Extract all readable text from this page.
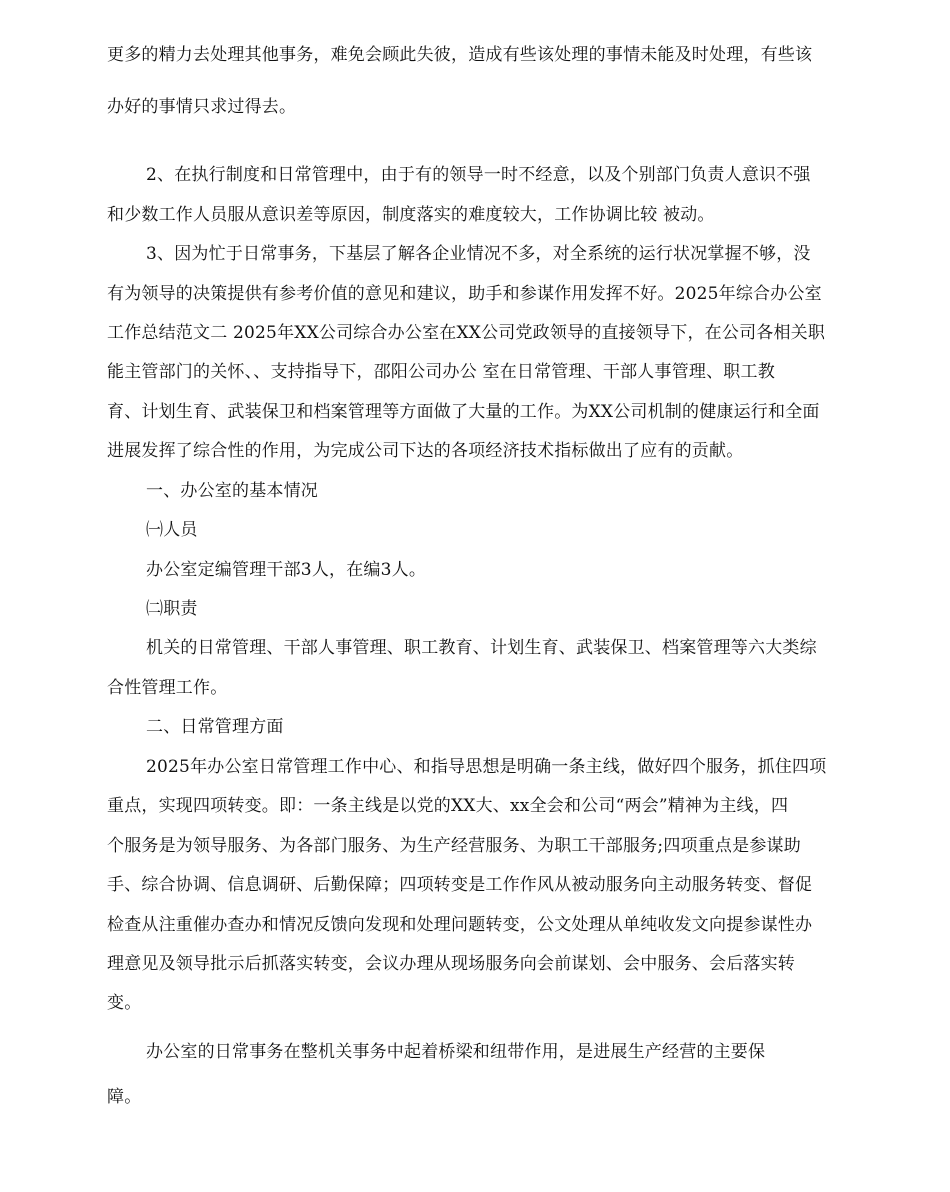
更多的精力去处理其他事务，难免会顾此失彼，造成有些该处理的事情未能及时处理，有些该
办好的事情只求过得去。
2、在执行制度和日常管理中，由于有的领导一时不经意，以及个别部门负责人意识不强
和少数工作人员服从意识差等原因，制度落实的难度较大，工作协调比较 被动。
3、因为忙于日常事务，下基层了解各企业情况不多，对全系统的运行状况掌握不够，没
有为领导的决策提供有参考价值的意见和建议，助手和参谋作用发挥不好。2025年综合办公室
工作总结范文二 2025年XX公司综合办公室在XX公司党政领导的直接领导下，在公司各相关职
能主管部门的关怀、、支持指导下，邵阳公司办公 室在日常管理、干部人事管理、职工教
育、计划生育、武装保卫和档案管理等方面做了大量的工作。为XX公司机制的健康运行和全面
进展发挥了综合性的作用，为完成公司下达的各项经济技术指标做出了应有的贡献。
一、办公室的基本情况
㈠人员
办公室定编管理干部3人，在编3人。
㈡职责
机关的日常管理、干部人事管理、职工教育、计划生育、武装保卫、档案管理等六大类综
合性管理工作。
二、日常管理方面
2025年办公室日常管理工作中心、和指导思想是明确一条主线，做好四个服务，抓住四项
重点，实现四项转变。即：一条主线是以党的XX大、ⅹⅹ全会和公司“两会”精神为主线，四
个服务是为领导服务、为各部门服务、为生产经营服务、为职工干部服务;四项重点是参谋助
手、综合协调、信息调研、后勤保障；四项转变是工作作风从被动服务向主动服务转变、督促
检查从注重催办查办和情况反馈向发现和处理问题转变，公文处理从单纯收发文向提参谋性办
理意见及领导批示后抓落实转变，会议办理从现场服务向会前谋划、会中服务、会后落实转
变。
办公室的日常事务在整机关事务中起着桥梁和纽带作用，是进展生产经营的主要保
障。
